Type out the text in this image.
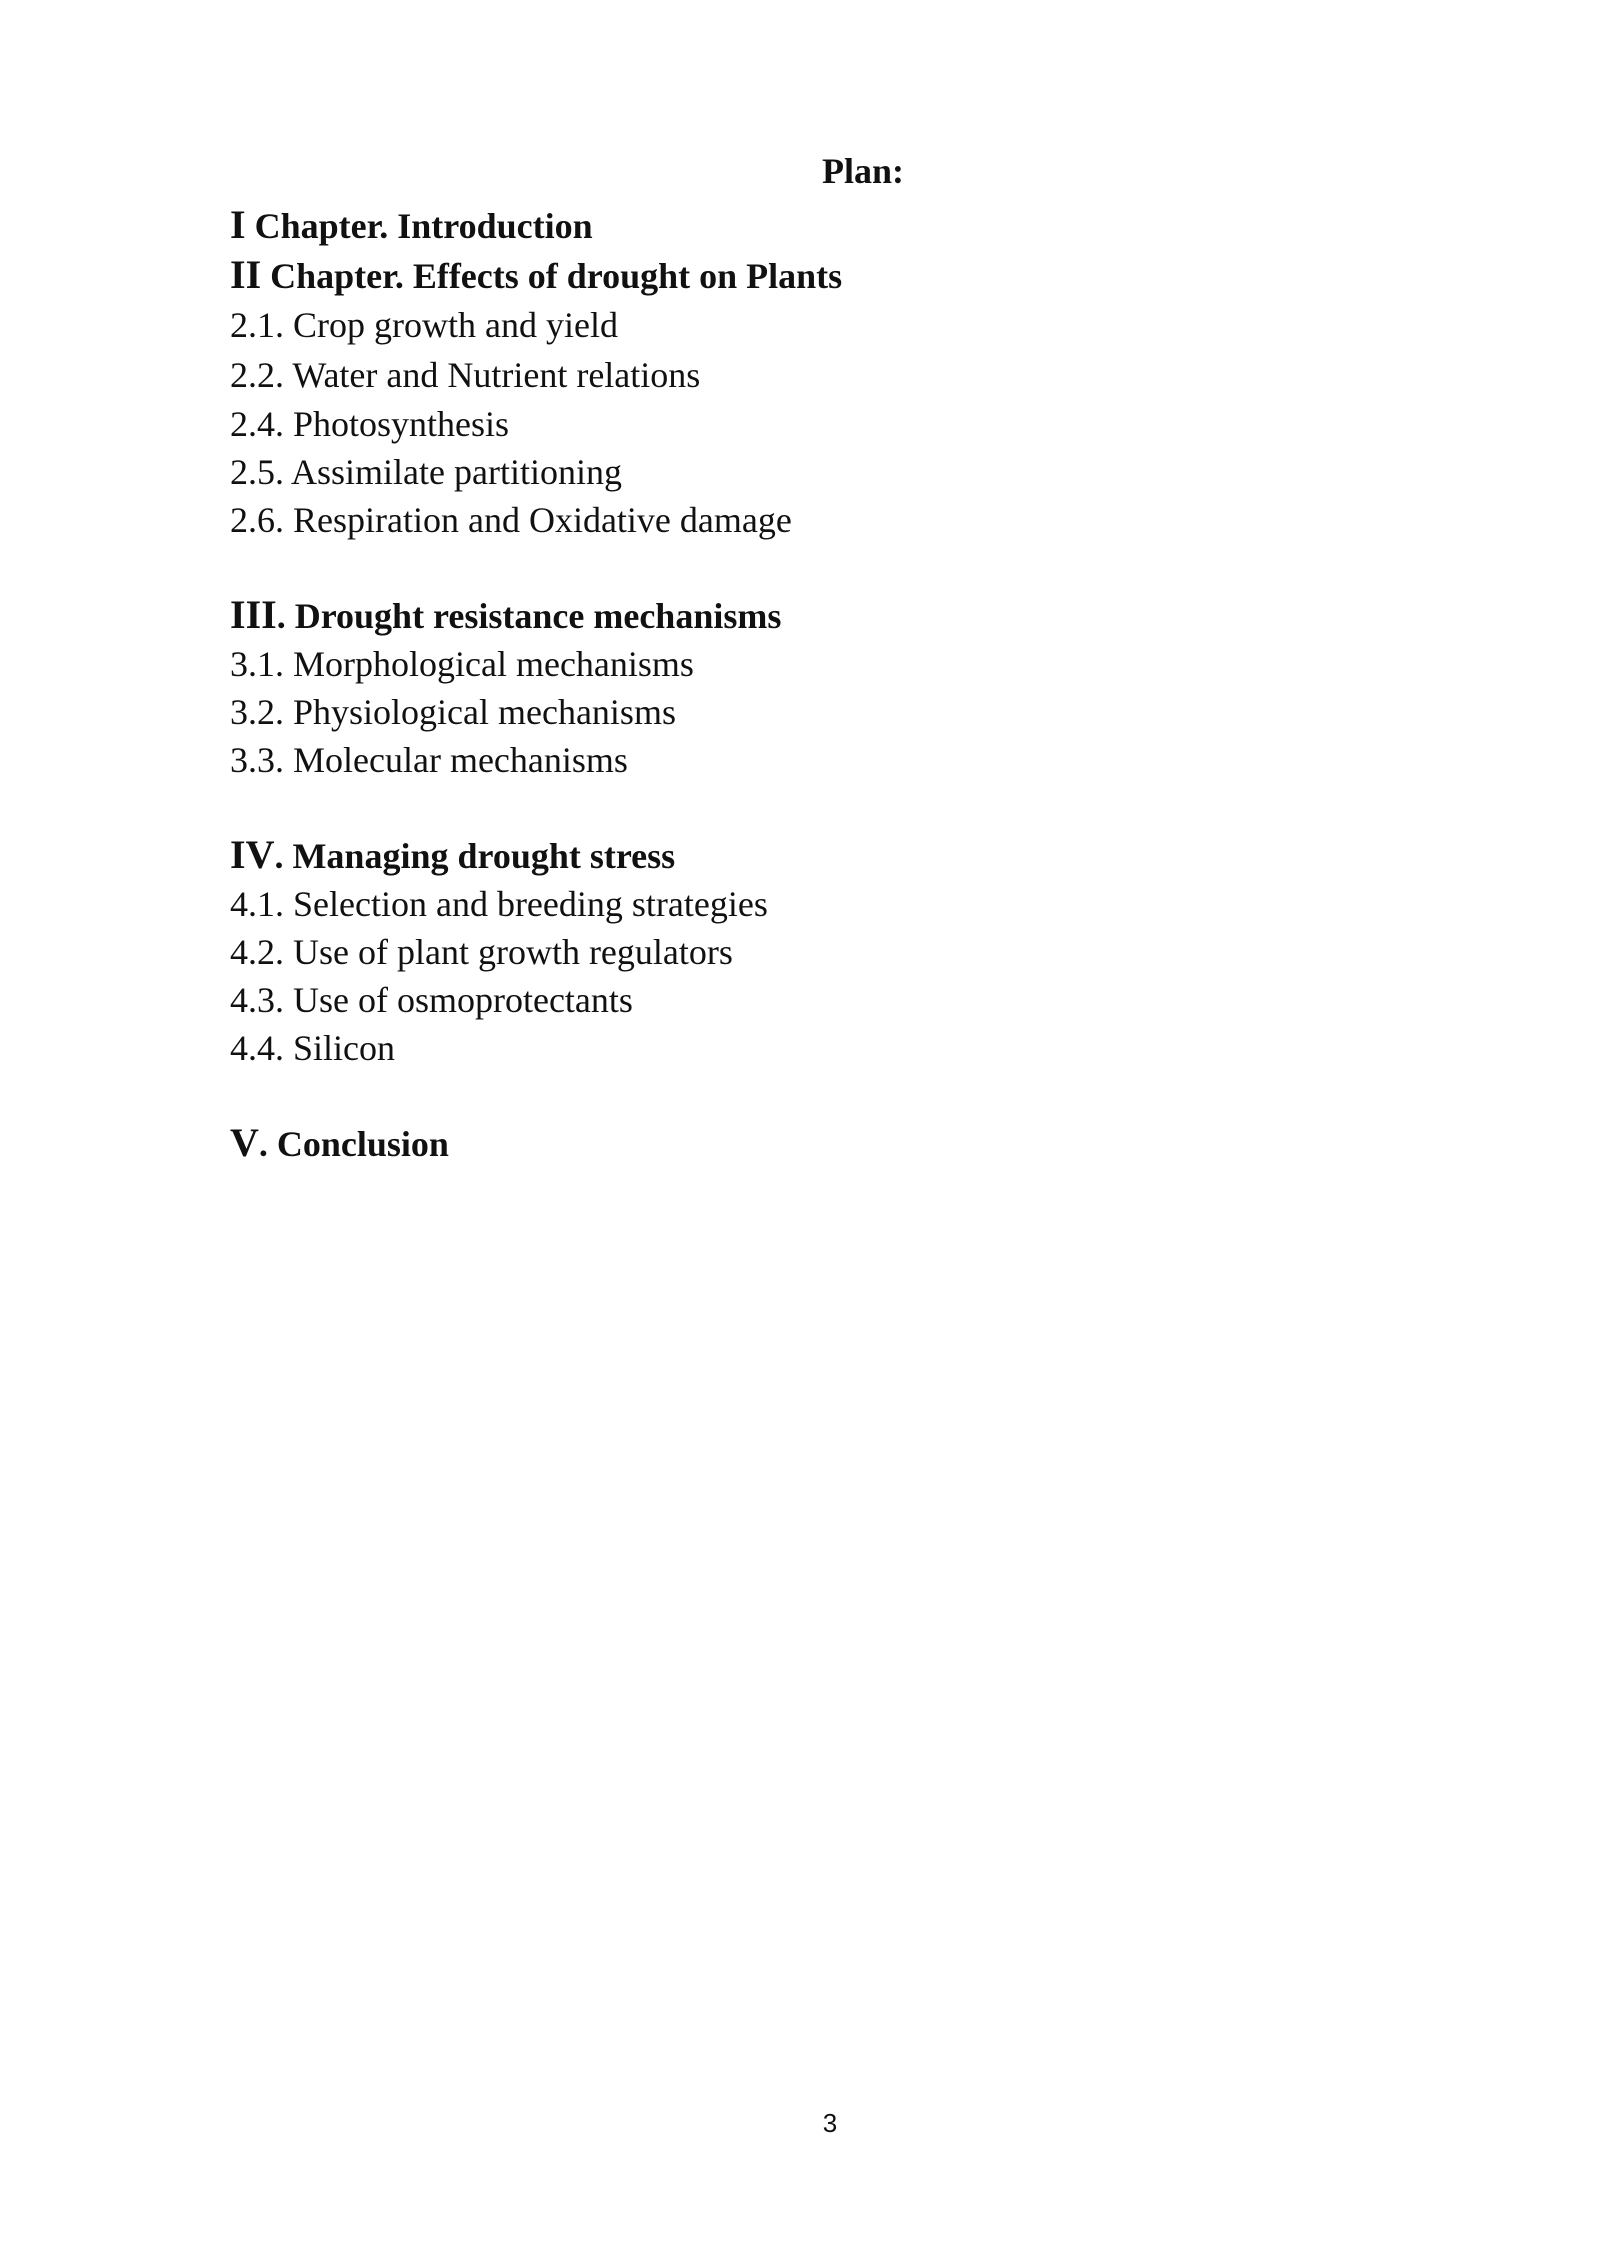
Plan:
I Chapter. Introduction
II Chapter. Effects of drought on Plants
2.1. Crop growth and yield
2.2. Water and Nutrient relations
2.4. Photosynthesis
2.5. Assimilate partitioning
2.6. Respiration and Oxidative damage
III. Drought resistance mechanisms
3.1. Morphological mechanisms
3.2. Physiological mechanisms
3.3. Molecular mechanisms
IV. Managing drought stress
4.1. Selection and breeding strategies
4.2. Use of plant growth regulators
4.3. Use of osmoprotectants
4.4. Silicon
V. Conclusion
3
